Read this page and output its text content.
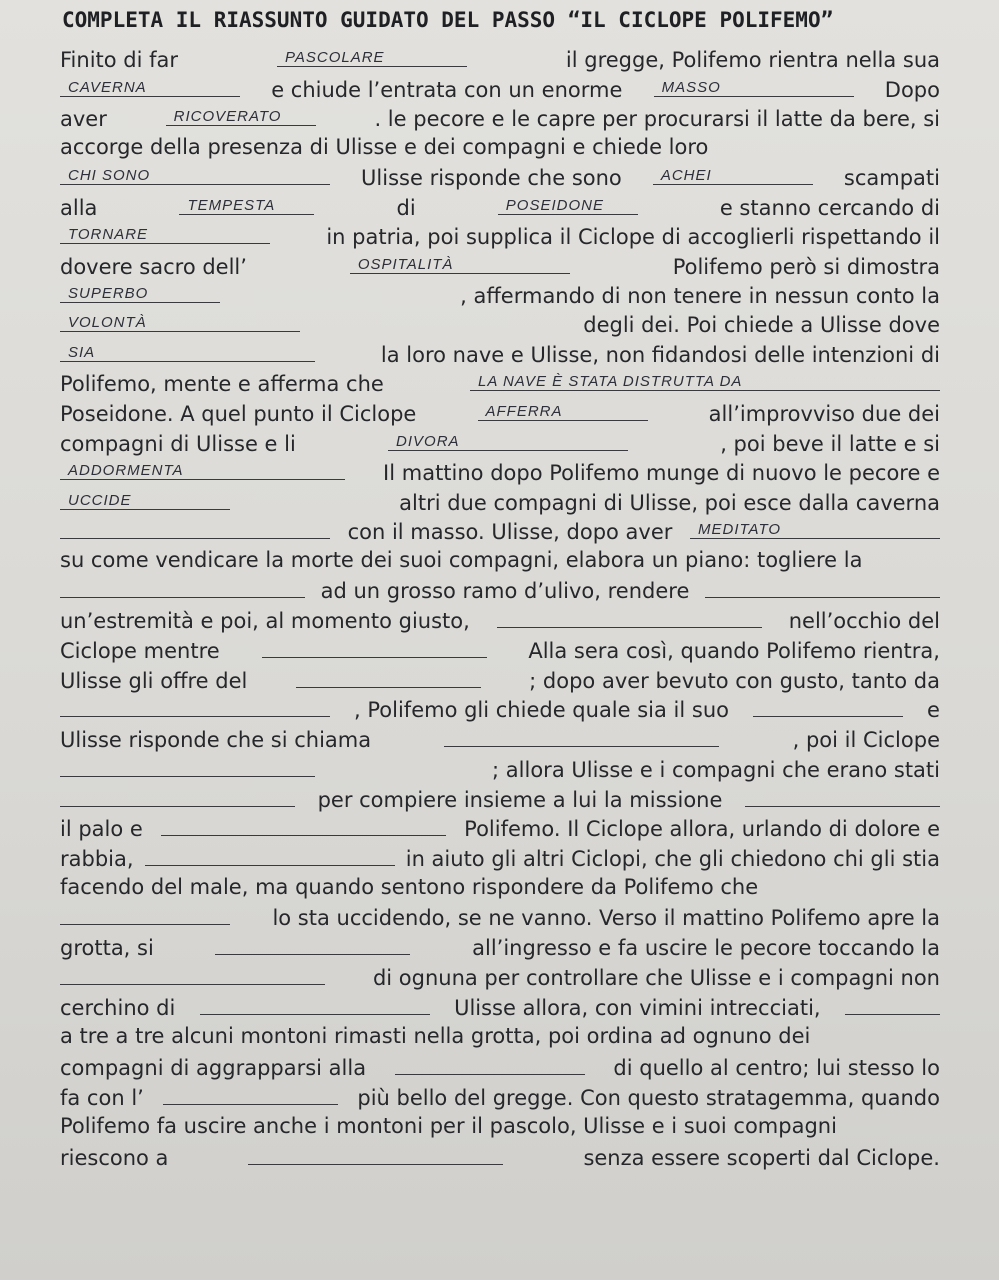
COMPLETA IL RIASSUNTO GUIDATO DEL PASSO “IL CICLOPE POLIFEMO”
Finito di far	PASCOLARE	il gregge, Polifemo rientra nella sua
CAVERNA	e chiude l’entrata con un enorme	MASSO	Dopo
aver	RICOVERATO	. le pecore e le capre per procurarsi il latte da bere, si
accorge della presenza di Ulisse e dei compagni e chiede loro
CHI SONO	Ulisse risponde che sono	ACHEI	scampati
alla	TEMPESTA	di	POSEIDONE	e stanno cercando di
TORNARE	in patria, poi supplica il Ciclope di accoglierli rispettando il
dovere sacro dell’	OSPITALITÀ	Polifemo però si dimostra
SUPERBO	, affermando di non tenere in nessun conto la
VOLONTÀ	degli dei. Poi chiede a Ulisse dove
SIA	la loro nave e Ulisse, non fidandosi delle intenzioni di
Polifemo, mente e afferma che	LA NAVE È STATA DISTRUTTA DA
Poseidone. A quel punto il Ciclope	AFFERRA	all’improvviso due dei
compagni di Ulisse e li	DIVORA	, poi beve il latte e si
ADDORMENTA	Il mattino dopo Polifemo munge di nuovo le pecore e
UCCIDE	altri due compagni di Ulisse, poi esce dalla caverna
con il masso. Ulisse, dopo aver MEDITATO
su come vendicare la morte dei suoi compagni, elabora un piano: togliere la
ad un grosso ramo d’ulivo, rendere
un’estremità e poi, al momento giusto,	nell’occhio del
Ciclope mentre	Alla sera così, quando Polifemo rientra,
Ulisse gli offre del	; dopo aver bevuto con gusto, tanto da
, Polifemo gli chiede quale sia il suo	e
Ulisse risponde che si chiama	, poi il Ciclope
; allora Ulisse e i compagni che erano stati
per compiere insieme a lui la missione
il palo e	Polifemo. Il Ciclope allora, urlando di dolore e
rabbia,	in aiuto gli altri Ciclopi, che gli chiedono chi gli stia
facendo del male, ma quando sentono rispondere da Polifemo che
lo sta uccidendo, se ne vanno. Verso il mattino Polifemo apre la
grotta, si	all’ingresso e fa uscire le pecore toccando la
di ognuna per controllare che Ulisse e i compagni non
cerchino di	Ulisse allora, con vimini intrecciati,
a tre a tre alcuni montoni rimasti nella grotta, poi ordina ad ognuno dei
compagni di aggrapparsi alla	di quello al centro; lui stesso lo
fa con l’	più bello del gregge. Con questo stratagemma, quando
Polifemo fa uscire anche i montoni per il pascolo, Ulisse e i suoi compagni
riescono a	senza essere scoperti dal Ciclope.
